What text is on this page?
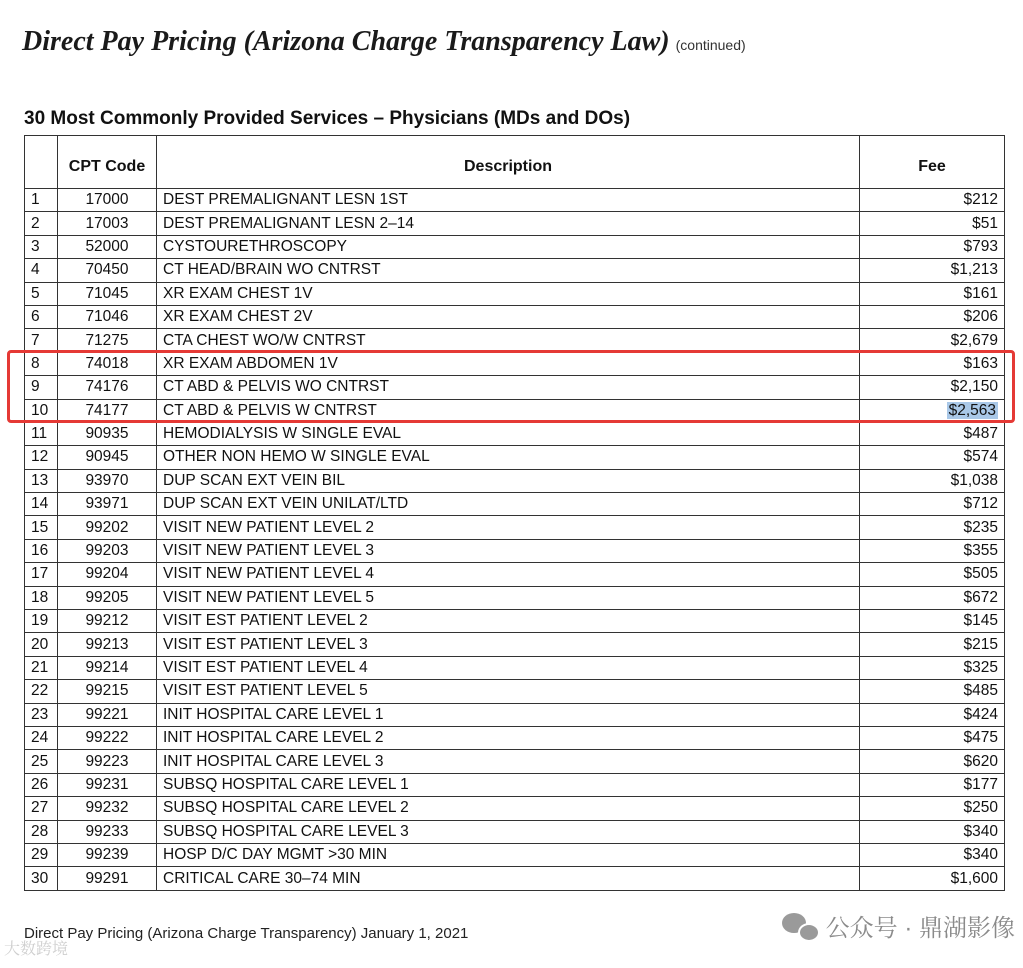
Direct Pay Pricing (Arizona Charge Transparency Law) (continued)
30 Most Commonly Provided Services – Physicians (MDs and DOs)
	CPT Code	Description	Fee
1	17000	DEST PREMALIGNANT LESN 1ST	$212
2	17003	DEST PREMALIGNANT LESN 2–14	$51
3	52000	CYSTOURETHROSCOPY	$793
4	70450	CT HEAD/BRAIN WO CNTRST	$1,213
5	71045	XR EXAM CHEST 1V	$161
6	71046	XR EXAM CHEST 2V	$206
7	71275	CTA CHEST WO/W CNTRST	$2,679
8	74018	XR EXAM ABDOMEN 1V	$163
9	74176	CT ABD & PELVIS WO CNTRST	$2,150
10	74177	CT ABD & PELVIS W CNTRST	$2,563
11	90935	HEMODIALYSIS W SINGLE EVAL	$487
12	90945	OTHER NON HEMO W SINGLE EVAL	$574
13	93970	DUP SCAN EXT VEIN BIL	$1,038
14	93971	DUP SCAN EXT VEIN UNILAT/LTD	$712
15	99202	VISIT NEW PATIENT LEVEL 2	$235
16	99203	VISIT NEW PATIENT LEVEL 3	$355
17	99204	VISIT NEW PATIENT LEVEL 4	$505
18	99205	VISIT NEW PATIENT LEVEL 5	$672
19	99212	VISIT EST PATIENT LEVEL 2	$145
20	99213	VISIT EST PATIENT LEVEL 3	$215
21	99214	VISIT EST PATIENT LEVEL 4	$325
22	99215	VISIT EST PATIENT LEVEL 5	$485
23	99221	INIT HOSPITAL CARE LEVEL 1	$424
24	99222	INIT HOSPITAL CARE LEVEL 2	$475
25	99223	INIT HOSPITAL CARE LEVEL 3	$620
26	99231	SUBSQ HOSPITAL CARE LEVEL 1	$177
27	99232	SUBSQ HOSPITAL CARE LEVEL 2	$250
28	99233	SUBSQ HOSPITAL CARE LEVEL 3	$340
29	99239	HOSP D/C DAY MGMT >30 MIN	$340
30	99291	CRITICAL CARE 30–74 MIN	$1,600
Direct Pay Pricing (Arizona Charge Transparency) January 1, 2021	公众号 · 鼎湖影像
大数跨境
